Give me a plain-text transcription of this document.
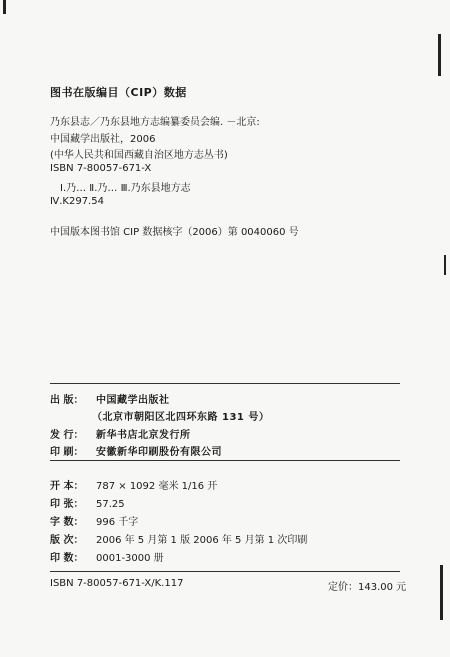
图书在版编目（CIP）数据
乃东县志／乃东县地方志编纂委员会编. －北京:
中国藏学出版社，2006
(中华人民共和国西藏自治区地方志丛书)
ISBN 7-80057-671-X
Ⅰ.乃… Ⅱ.乃… Ⅲ.乃东县地方志
Ⅳ.K297.54
中国版本图书馆 CIP 数据核字（2006）第 0040060 号
出 版： 中国藏学出版社
（北京市朝阳区北四环东路 131 号）
发 行： 新华书店北京发行所
印 刷： 安徽新华印刷股份有限公司
开 本： 787 × 1092 毫米 1/16 开
印 张： 57.25
字 数： 996 千字
版 次： 2006 年 5 月第 1 版 2006 年 5 月第 1 次印刷
印 数： 0001-3000 册
ISBN 7-80057-671-X/K.117	定价：143.00 元
